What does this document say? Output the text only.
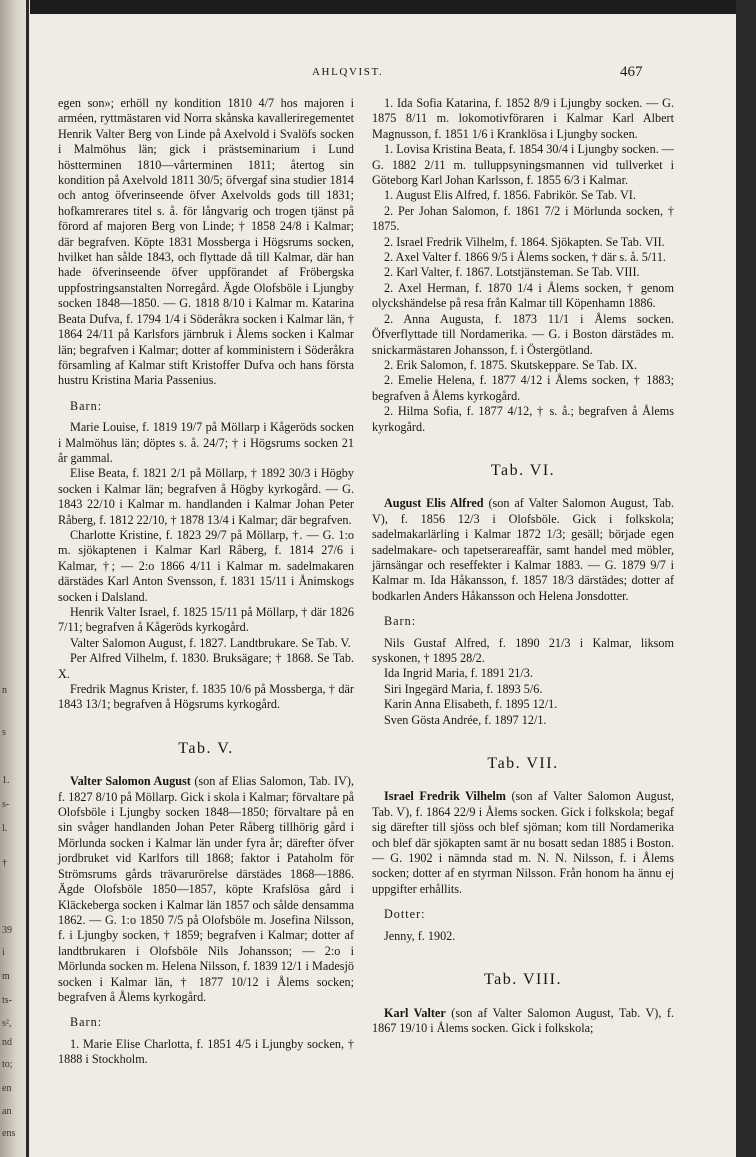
n
s
1.
s-
l.
†
39
i
m
ts-
s²,
nd
to;
en
an
ens
AHLQVIST.	467

egen son»; erhöll ny kondition 1810 4/7 hos majoren i arméen, ryttmästaren vid Norra skånska kavalleriregementet Henrik Valter Berg von Linde på Axelvold i Svalöfs socken i Malmöhus län; gick i prästseminarium i Lund höstterminen 1810—vårterminen 1811; återtog sin kondition på Axelvold 1811 30/5; öfvergaf sina studier 1814 och antog öfverinseende öfver Axelvolds gods till 1831; hofkamrerares titel s. å. för långvarig och trogen tjänst på förord af majoren Berg von Linde; † 1858 24/8 i Kalmar; där begrafven. Köpte 1831 Mossberga i Högsrums socken, hvilket han sålde 1843, och flyttade då till Kalmar, där han hade öfverinseende öfver uppförandet af Fröbergska uppfostringsanstalten Norregård. Ägde Olofsböle i Ljungby socken 1848—1850. — G. 1818 8/10 i Kalmar m. Katarina Beata Dufva, f. 1794 1/4 i Söderåkra socken i Kalmar län, † 1864 24/11 på Karlsfors järnbruk i Ålems socken i Kalmar län; begrafven i Kalmar; dotter af komministern i Söderåkra församling af Kalmar stift Kristoffer Dufva och hans första hustru Kristina Maria Passenius.

Barn:

Marie Louise, f. 1819 19/7 på Möllarp i Kågeröds socken i Malmöhus län; döptes s. å. 24/7; † i Högsrums socken 21 år gammal.

Elise Beata, f. 1821 2/1 på Möllarp, † 1892 30/3 i Högby socken i Kalmar län; begrafven å Högby kyrkogård. — G. 1843 22/10 i Kalmar m. handlanden i Kalmar Johan Peter Råberg, f. 1812 22/10, † 1878 13/4 i Kalmar; där begrafven.

Charlotte Kristine, f. 1823 29/7 på Möllarp, †. — G. 1:o m. sjökaptenen i Kalmar Karl Råberg, f. 1814 27/6 i Kalmar, †; — 2:o 1866 4/11 i Kalmar m. sadelmakaren därstädes Karl Anton Svensson, f. 1831 15/11 i Ånimskogs socken i Dalsland.

Henrik Valter Israel, f. 1825 15/11 på Möllarp, † där 1826 7/11; begrafven å Kågeröds kyrkogård.

Valter Salomon August, f. 1827. Landtbrukare. Se Tab. V.

Per Alfred Vilhelm, f. 1830. Bruksägare; † 1868. Se Tab. X.

Fredrik Magnus Krister, f. 1835 10/6 på Mossberga, † där 1843 13/1; begrafven å Högsrums kyrkogård.

Tab. V.

Valter Salomon August (son af Elias Salomon, Tab. IV), f. 1827 8/10 på Möllarp. Gick i skola i Kalmar; förvaltare på Olofsböle i Ljungby socken 1848—1850; förvaltare på en sin svåger handlanden Johan Peter Råberg tillhörig gård i Mörlunda socken i Kalmar län under fyra år; därefter öfver jordbruket vid Karlfors till 1868; faktor i Pataholm för Strömsrums gårds trävarurörelse därstädes 1868—1886. Ägde Olofsböle 1850—1857, köpte Krafslösa gård i Kläckeberga socken i Kalmar län 1857 och sålde densamma 1862. — G. 1:o 1850 7/5 på Olofsböle m. Josefina Nilsson, f. i Ljungby socken, † 1859; begrafven i Kalmar; dotter af landtbrukaren i Olofsböle Nils Johansson; — 2:o i Mörlunda socken m. Helena Nilsson, f. 1839 12/1 i Madesjö socken i Kalmar län, † 1877 10/12 i Ålems socken; begrafven å Ålems kyrkogård.

Barn:

1. Marie Elise Charlotta, f. 1851 4/5 i Ljungby socken, † 1888 i Stockholm.

1. Ida Sofia Katarina, f. 1852 8/9 i Ljungby socken. — G. 1875 8/11 m. lokomotivföraren i Kalmar Karl Albert Magnusson, f. 1851 1/6 i Kranklösa i Ljungby socken.

1. Lovisa Kristina Beata, f. 1854 30/4 i Ljungby socken. — G. 1882 2/11 m. tulluppsyningsmannen vid tullverket i Göteborg Karl Johan Karlsson, f. 1855 6/3 i Kalmar.

1. August Elis Alfred, f. 1856. Fabrikör. Se Tab. VI.

2. Per Johan Salomon, f. 1861 7/2 i Mörlunda socken, † 1875.

2. Israel Fredrik Vilhelm, f. 1864. Sjökapten. Se Tab. VII.

2. Axel Valter f. 1866 9/5 i Ålems socken, † där s. å. 5/11.

2. Karl Valter, f. 1867. Lotstjänsteman. Se Tab. VIII.

2. Axel Herman, f. 1870 1/4 i Ålems socken, † genom olyckshändelse på resa från Kalmar till Köpenhamn 1886.

2. Anna Augusta, f. 1873 11/1 i Ålems socken. Öfverflyttade till Nordamerika. — G. i Boston därstädes m. snickarmästaren Johansson, f. i Östergötland.

2. Erik Salomon, f. 1875. Skutskeppare. Se Tab. IX.

2. Emelie Helena, f. 1877 4/12 i Ålems socken, † 1883; begrafven å Ålems kyrkogård.

2. Hilma Sofia, f. 1877 4/12, † s. å.; begrafven å Ålems kyrkogård.

Tab. VI.

August Elis Alfred (son af Valter Salomon August, Tab. V), f. 1856 12/3 i Olofsböle. Gick i folkskola; sadelmakarlärling i Kalmar 1872 1/3; gesäll; började egen sadelmakare- och tapetserareaffär, samt handel med möbler, järnsängar och reseffekter i Kalmar 1883. — G. 1879 9/7 i Kalmar m. Ida Håkansson, f. 1857 18/3 därstädes; dotter af bodkarlen Anders Håkansson och Helena Jonsdotter.

Barn:

Nils Gustaf Alfred, f. 1890 21/3 i Kalmar, liksom syskonen, † 1895 28/2.

Ida Ingrid Maria, f. 1891 21/3.

Siri Ingegärd Maria, f. 1893 5/6.

Karin Anna Elisabeth, f. 1895 12/1.

Sven Gösta Andrée, f. 1897 12/1.

Tab. VII.

Israel Fredrik Vilhelm (son af Valter Salomon August, Tab. V), f. 1864 22/9 i Ålems socken. Gick i folkskola; begaf sig därefter till sjöss och blef sjöman; kom till Nordamerika och blef där sjökapten samt är nu bosatt sedan 1885 i Boston. — G. 1902 i nämnda stad m. N. N. Nilsson, f. i Ålems socken; dotter af en styrman Nilsson. Från honom ha ännu ej uppgifter erhållits.

Dotter:

Jenny, f. 1902.

Tab. VIII.

Karl Valter (son af Valter Salomon August, Tab. V), f. 1867 19/10 i Ålems socken. Gick i folkskola;
